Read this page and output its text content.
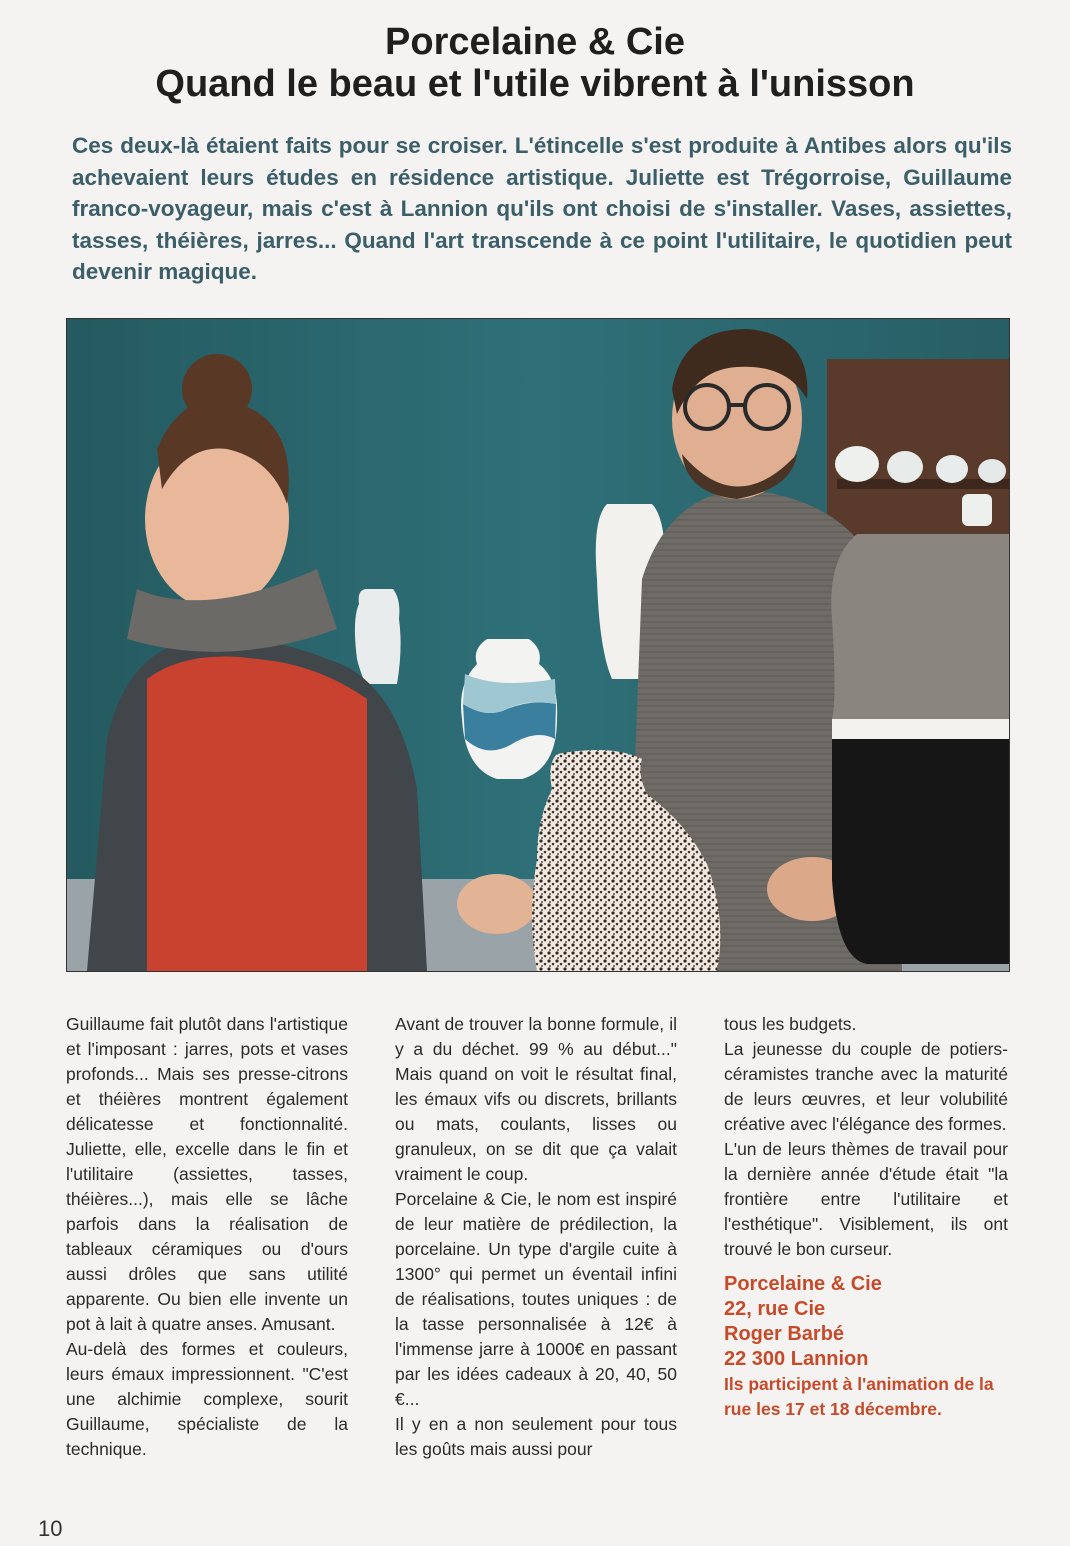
Porcelaine & Cie
Quand le beau et l'utile vibrent à l'unisson

Ces deux-là étaient faits pour se croiser. L'étincelle s'est produite à Antibes alors qu'ils achevaient leurs études en résidence artistique. Juliette est Trégorroise, Guillaume franco-voyageur, mais c'est à Lannion qu'ils ont choisi de s'installer. Vases, assiettes, tasses, théières, jarres... Quand l'art transcende à ce point l'utilitaire, le quotidien peut devenir magique.

Guillaume fait plutôt dans l'artistique et l'imposant : jarres, pots et vases profonds... Mais ses presse-citrons et théières montrent également délicatesse et fonctionnalité. Juliette, elle, excelle dans le fin et l'utilitaire (assiettes, tasses, théières...), mais elle se lâche parfois dans la réalisation de tableaux céramiques ou d'ours aussi drôles que sans utilité apparente. Ou bien elle invente un pot à lait à quatre anses. Amusant.

Au-delà des formes et couleurs, leurs émaux impressionnent. "C'est une alchimie complexe, sourit Guillaume, spécialiste de la technique.

Avant de trouver la bonne formule, il y a du déchet. 99 % au début..." Mais quand on voit le résultat final, les émaux vifs ou discrets, brillants ou mats, coulants, lisses ou granuleux, on se dit que ça valait vraiment le coup.

Porcelaine & Cie, le nom est inspiré de leur matière de prédilection, la porcelaine. Un type d'argile cuite à 1300° qui permet un éventail infini de réalisations, toutes uniques : de la tasse personnalisée à 12€ à l'immense jarre à 1000€ en passant par les idées cadeaux à 20, 40, 50 €...

Il y en a non seulement pour tous les goûts mais aussi pour

tous les budgets.

La jeunesse du couple de potiers-céramistes tranche avec la maturité de leurs œuvres, et leur volubilité créative avec l'élégance des formes.

L'un de leurs thèmes de travail pour la dernière année d'étude était "la frontière entre l'utilitaire et l'esthétique". Visiblement, ils ont trouvé le bon curseur.

Porcelaine & Cie
22, rue Cie
Roger Barbé
22 300 Lannion
Ils participent à l'animation de la rue les 17 et 18 décembre.
10
